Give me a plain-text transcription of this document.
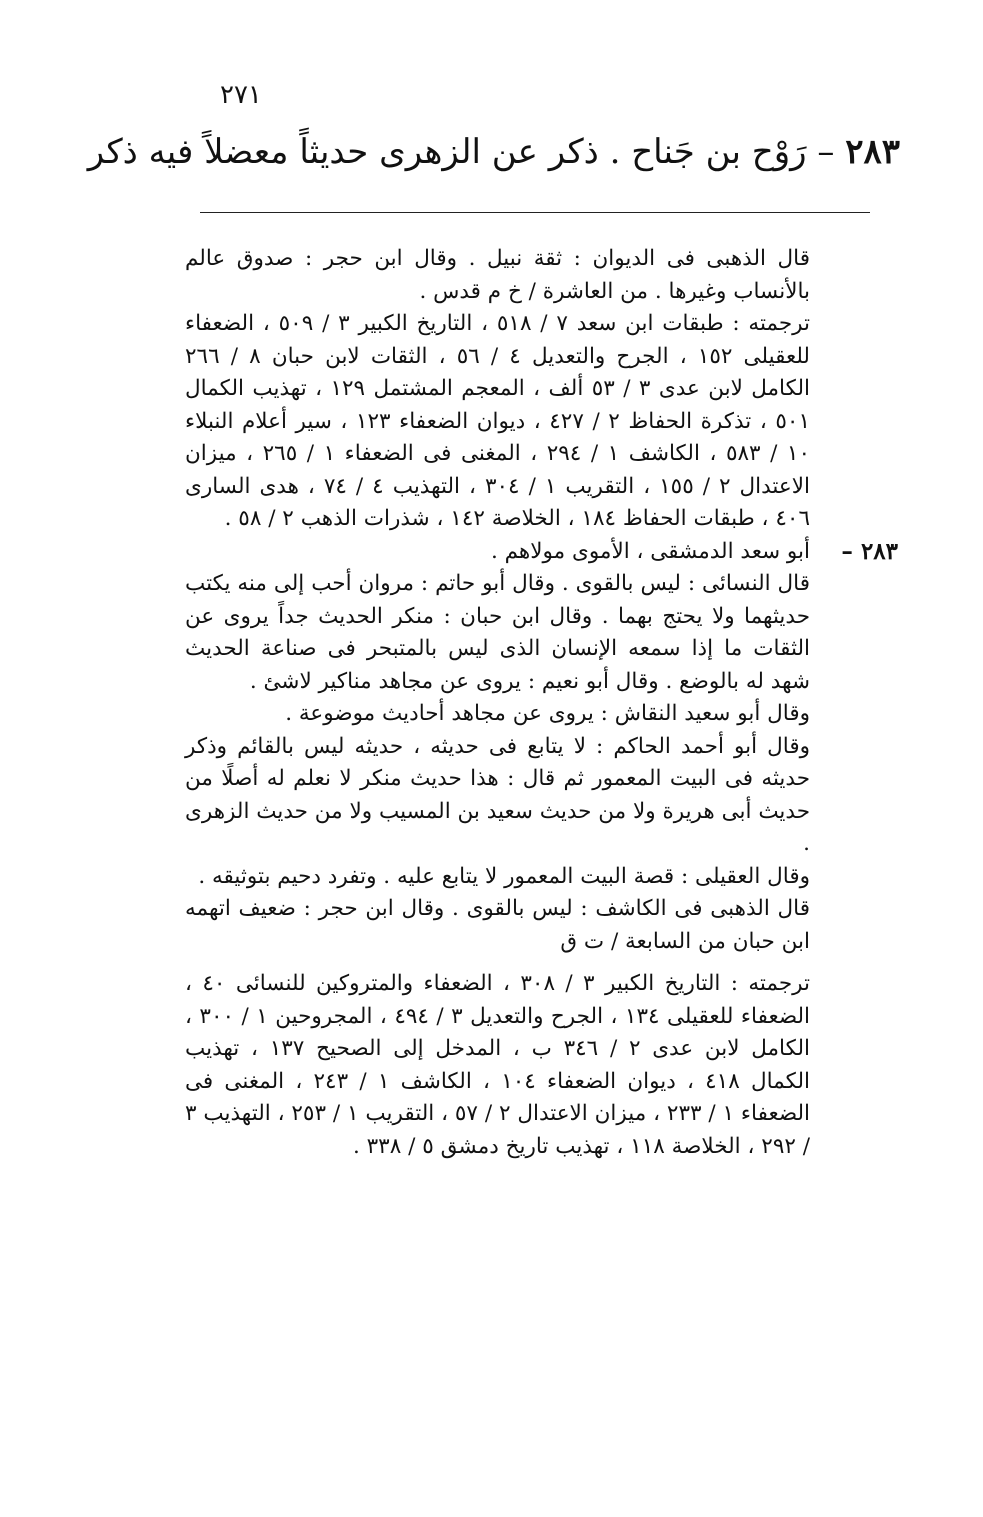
٢٧١
٢٨٣ – رَوْح بن جَناح . ذكر عن الزهرى حديثاً معضلاً فيه ذكر

قال الذهبى فى الديوان : ثقة نبيل . وقال ابن حجر : صدوق عالم بالأنساب وغيرها . من العاشرة / خ م قدس .

ترجمته : طبقات ابن سعد ٧ / ٥١٨ ، التاريخ الكبير ٣ / ٥٠٩ ، الضعفاء للعقيلى ١٥٢ ، الجرح والتعديل ٤ / ٥٦ ، الثقات لابن حبان ٨ / ٢٦٦ الكامل لابن عدى ٣ / ٥٣ ألف ، المعجم المشتمل ١٢٩ ، تهذيب الكمال ٥٠١ ، تذكرة الحفاظ ٢ / ٤٢٧ ، ديوان الضعفاء ١٢٣ ، سير أعلام النبلاء ١٠ / ٥٨٣ ، الكاشف ١ / ٢٩٤ ، المغنى فى الضعفاء ١ / ٢٦٥ ، ميزان الاعتدال ٢ / ١٥٥ ، التقريب ١ / ٣٠٤ ، التهذيب ٤ / ٧٤ ، هدى السارى ٤٠٦ ، طبقات الحفاظ ١٨٤ ، الخلاصة ١٤٢ ، شذرات الذهب ٢ / ٥٨ .

٢٨٣ –
أبو سعد الدمشقى ، الأموى مولاهم .

قال النسائى : ليس بالقوى . وقال أبو حاتم : مروان أحب إلى منه يكتب حديثهما ولا يحتج بهما . وقال ابن حبان : منكر الحديث جداً يروى عن الثقات ما إذا سمعه الإنسان الذى ليس بالمتبحر فى صناعة الحديث شهد له بالوضع . وقال أبو نعيم : يروى عن مجاهد مناكير لاشئ .

وقال أبو سعيد النقاش : يروى عن مجاهد أحاديث موضوعة .

وقال أبو أحمد الحاكم : لا يتابع فى حديثه ، حديثه ليس بالقائم وذكر حديثه فى البيت المعمور ثم قال : هذا حديث منكر لا نعلم له أصلًا من حديث أبى هريرة ولا من حديث سعيد بن المسيب ولا من حديث الزهرى .

وقال العقيلى : قصة البيت المعمور لا يتابع عليه . وتفرد دحيم بتوثيقه .

قال الذهبى فى الكاشف : ليس بالقوى . وقال ابن حجر : ضعيف اتهمه ابن حبان من السابعة / ت ق

ترجمته : التاريخ الكبير ٣ / ٣٠٨ ، الضعفاء والمتروكين للنسائى ٤٠ ، الضعفاء للعقيلى ١٣٤ ، الجرح والتعديل ٣ / ٤٩٤ ، المجروحين ١ / ٣٠٠ ، الكامل لابن عدى ٢ / ٣٤٦ ب ، المدخل إلى الصحيح ١٣٧ ، تهذيب الكمال ٤١٨ ، ديوان الضعفاء ١٠٤ ، الكاشف ١ / ٢٤٣ ، المغنى فى الضعفاء ١ / ٢٣٣ ، ميزان الاعتدال ٢ / ٥٧ ، التقريب ١ / ٢٥٣ ، التهذيب ٣ / ٢٩٢ ، الخلاصة ١١٨ ، تهذيب تاريخ دمشق ٥ / ٣٣٨ .
